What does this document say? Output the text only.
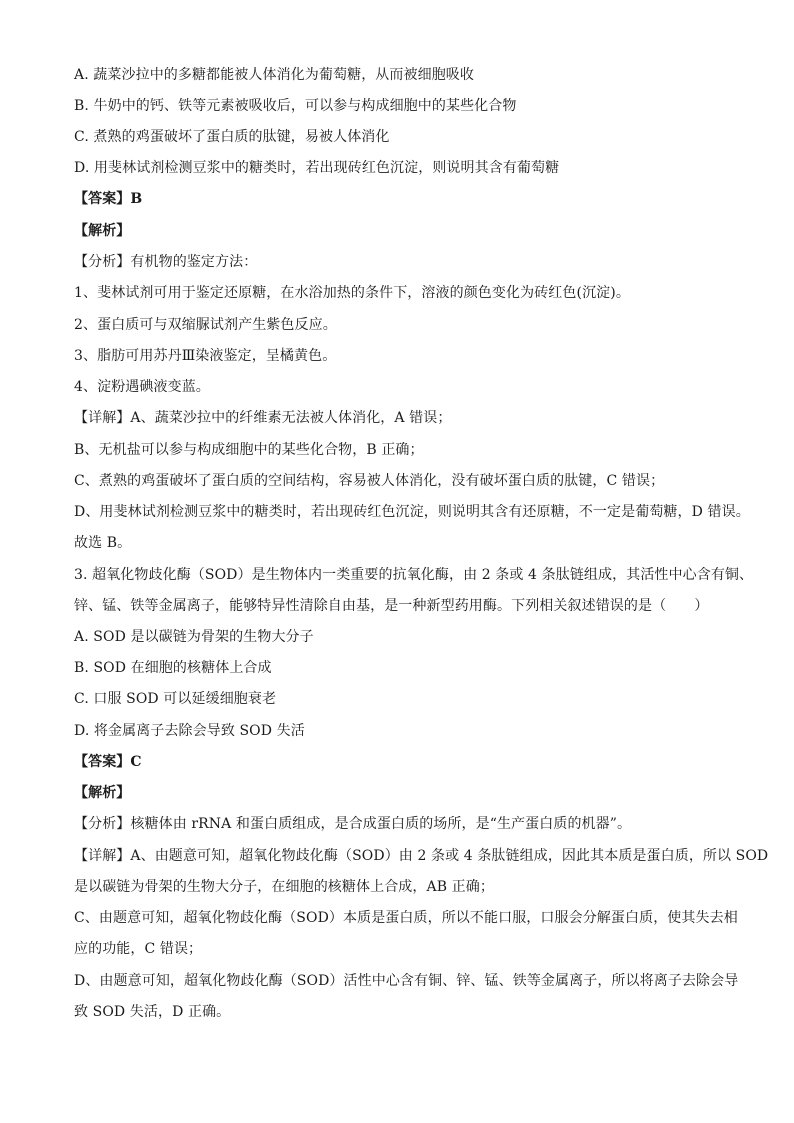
A. 蔬菜沙拉中的多糖都能被人体消化为葡萄糖，从而被细胞吸收
B. 牛奶中的钙、铁等元素被吸收后，可以参与构成细胞中的某些化合物
C. 煮熟的鸡蛋破坏了蛋白质的肽键，易被人体消化
D. 用斐林试剂检测豆浆中的糖类时，若出现砖红色沉淀，则说明其含有葡萄糖
【答案】B
【解析】
【分析】有机物的鉴定方法：
1、斐林试剂可用于鉴定还原糖，在水浴加热的条件下，溶液的颜色变化为砖红色(沉淀)。
2、蛋白质可与双缩脲试剂产生紫色反应。
3、脂肪可用苏丹Ⅲ染液鉴定，呈橘黄色。
4、淀粉遇碘液变蓝。
【详解】A、蔬菜沙拉中的纤维素无法被人体消化，A 错误；
B、无机盐可以参与构成细胞中的某些化合物，B 正确；
C、煮熟的鸡蛋破坏了蛋白质的空间结构，容易被人体消化，没有破坏蛋白质的肽键，C 错误；
D、用斐林试剂检测豆浆中的糖类时，若出现砖红色沉淀，则说明其含有还原糖，不一定是葡萄糖，D 错误。
故选 B。
3. 超氧化物歧化酶（SOD）是生物体内一类重要的抗氧化酶，由 2 条或 4 条肽链组成，其活性中心含有铜、
锌、锰、铁等金属离子，能够特异性清除自由基，是一种新型药用酶。下列相关叙述错误的是（　　）
A. SOD 是以碳链为骨架的生物大分子
B. SOD 在细胞的核糖体上合成
C. 口服 SOD 可以延缓细胞衰老
D. 将金属离子去除会导致 SOD 失活
【答案】C
【解析】
【分析】核糖体由 rRNA 和蛋白质组成，是合成蛋白质的场所，是“生产蛋白质的机器”。
【详解】A、由题意可知，超氧化物歧化酶（SOD）由 2 条或 4 条肽链组成，因此其本质是蛋白质，所以 SOD
是以碳链为骨架的生物大分子，在细胞的核糖体上合成，AB 正确；
C、由题意可知，超氧化物歧化酶（SOD）本质是蛋白质，所以不能口服，口服会分解蛋白质，使其失去相
应的功能，C 错误；
D、由题意可知，超氧化物歧化酶（SOD）活性中心含有铜、锌、锰、铁等金属离子，所以将离子去除会导
致 SOD 失活，D 正确。
